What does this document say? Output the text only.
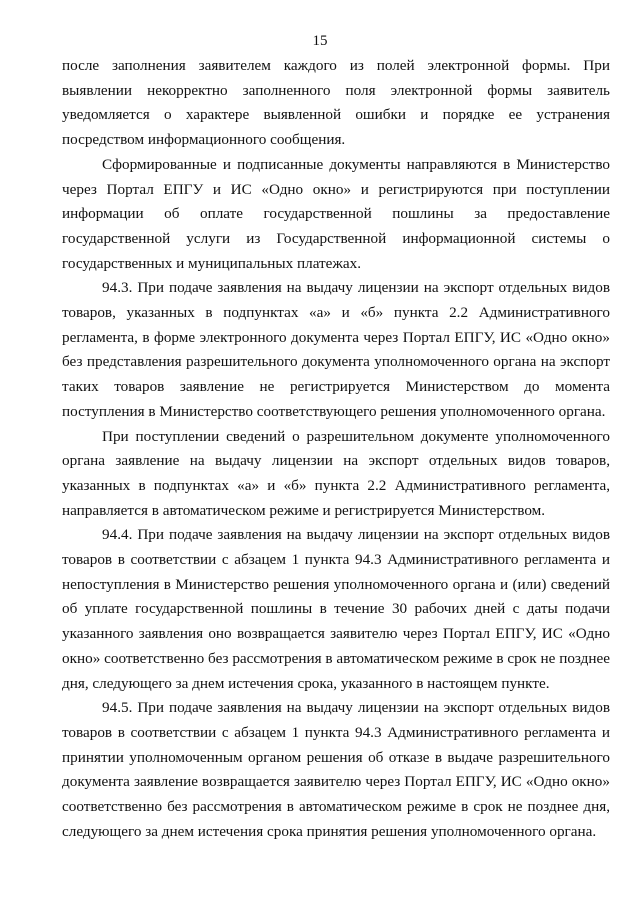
15

после заполнения заявителем каждого из полей электронной формы. При выявлении некорректно заполненного поля электронной формы заявитель уведомляется о характере выявленной ошибки и порядке ее устранения посредством информационного сообщения.

Сформированные и подписанные документы направляются в Министерство через Портал ЕПГУ и ИС «Одно окно» и регистрируются при поступлении информации об оплате государственной пошлины за предоставление государственной услуги из Государственной информационной системы о государственных и муниципальных платежах.

94.3. При подаче заявления на выдачу лицензии на экспорт отдельных видов товаров, указанных в подпунктах «а» и «б» пункта 2.2 Административного регламента, в форме электронного документа через Портал ЕПГУ, ИС «Одно окно» без представления разрешительного документа уполномоченного органа на экспорт таких товаров заявление не регистрируется Министерством до момента поступления в Министерство соответствующего решения уполномоченного органа.

При поступлении сведений о разрешительном документе уполномоченного органа заявление на выдачу лицензии на экспорт отдельных видов товаров, указанных в подпунктах «а» и «б» пункта 2.2 Административного регламента, направляется в автоматическом режиме и регистрируется Министерством.

94.4. При подаче заявления на выдачу лицензии на экспорт отдельных видов товаров в соответствии с абзацем 1 пункта 94.3 Административного регламента и непоступления в Министерство решения уполномоченного органа и (или) сведений об уплате государственной пошлины в течение 30 рабочих дней с даты подачи указанного заявления оно возвращается заявителю через Портал ЕПГУ, ИС «Одно окно» соответственно без рассмотрения в автоматическом режиме в срок не позднее дня, следующего за днем истечения срока, указанного в настоящем пункте.

94.5. При подаче заявления на выдачу лицензии на экспорт отдельных видов товаров в соответствии с абзацем 1 пункта 94.3 Административного регламента и принятии уполномоченным органом решения об отказе в выдаче разрешительного документа заявление возвращается заявителю через Портал ЕПГУ, ИС «Одно окно» соответственно без рассмотрения в автоматическом режиме в срок не позднее дня, следующего за днем истечения срока принятия решения уполномоченного органа.
